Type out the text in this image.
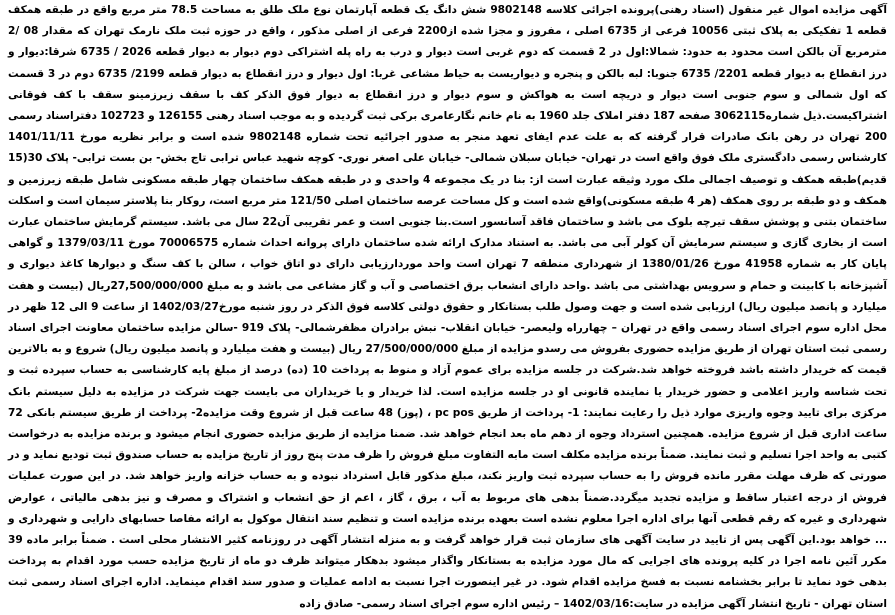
آگهی مزایده اموال غیر منقول (اسناد رهنی)پرونده اجرائی کلاسه 9802148 شش دانگ یک قطعه آپارتمان نوع ملک طلق به مساحت 78.5 متر مربع واقع در طبقه همکف قطعه 1 تفکیکی به پلاک ثبتی 10056 فرعی از 6735 اصلی ، مفروز و مجزا شده از2200 فرعی از اصلی مذکور ، واقع در حوزه ثبت ملک نارمک تهران که مقدار 08 /2 مترمربع آن بالکن است محدود به حدود: شمالا:اول در 2 قسمت که دوم غربی است دیوار و درب به راه پله اشتراکی دوم دیوار به دیوار قطعه 2026 / 6735 شرقا:دیوار و درز انقطاع به دیوار قطعه 2201/ 6735 جنوبا: لبه بالکن و پنجره و دیواریست به حیاط مشاعی غربا: اول دیوار و درز انقطاع به دیوار قطعه 2199/ 6735 دوم در 3 قسمت که اول شمالی و سوم جنوبی است دیوار و دریچه است به هواکش و سوم دیوار و درز انقطاع به دیوار فوق الذکر کف با سقف زیرزمینو سقف با کف فوقانی اشتراکیست.ذیل شماره3062115 صفحه 187 دفتر املاک جلد 1960 به نام خانم نگارعامری برکی ثبت گردیده و به موجب اسناد رهنی 126155 و 102723 دفتراسناد رسمی 200 تهران در رهن بانک صادرات قرار گرفته که به علت عدم ایفای تعهد منجر به صدور اجرائیه تحت شماره 9802148 شده است و برابر نظریه مورخ 1401/11/11 کارشناس رسمی دادگستری ملک فوق واقع است در تهران- خیابان سبلان شمالی- خیابان علی اصغر نوری- کوچه شهید عباس ترابی تاج بخش- بن بست ترابی- پلاک 30(15 قدیم)طبقه همکف و توصیف اجمالی ملک مورد وثیقه عبارت است از: بنا در یک مجموعه 4 واحدی و در طبقه همکف ساختمان چهار طبقه مسکونی شامل طبقه زیرزمین و همکف و دو طبقه بر روی همکف (هر 4 طبقه مسکونی)واقع شده است و کل مساحت عرصه ساختمان اصلی 121/50 متر مربع است، روکار بنا پلاستر سیمان است و اسکلت ساختمان بتنی و پوشش سقف تیرچه بلوک می باشد و ساختمان فاقد آسانسور است.بنا جنوبی است و عمر تقریبی آن22 سال می باشد. سیستم گرمایش ساختمان عبارت است از بخاری گازی و سیستم سرمایش آن کولر آبی می باشد. به استناد مدارک ارائه شده ساختمان دارای پروانه احداث شماره 70006575 مورخ 1379/03/11 و گواهی پایان کار به شماره 41958 مورخ 1380/01/26 از شهرداری منطقه 7 تهران است واحد موردارزیابی دارای دو اتاق خواب ، سالن با کف سنگ و دیوارها کاغذ دیواری و آشپزخانه با کابینت و حمام و سرویس بهداشتی می باشد .واحد دارای انشعاب برق اختصاصی و آب و گاز مشاعی می باشد و به مبلغ 27,500/000/000ریال (بیست و هفت میلیارد و پانصد میلیون ریال) ارزیابی شده است و جهت وصول طلب بستانکار و حقوق دولتی کلاسه فوق الذکر در روز شنبه مورخ1402/03/27 از ساعت 9 الی 12 ظهر در محل اداره سوم اجرای اسناد رسمی واقع در تهران – چهارراه ولیعصر- خیابان انقلاب- نبش برادران مظفرشمالی- پلاک 919 -سالن مزایده ساختمان معاونت اجرای اسناد رسمی ثبت استان تهران از طریق مزایده حضوری بفروش می رسدو مزایده از مبلغ 27/500/000/000 ریال (بیست و هفت میلیارد و پانصد میلیون ریال) شروع و به بالاترین قیمت که خریدار داشته باشد فروخته خواهد شد.شرکت در جلسه مزایده برای عموم آزاد و منوط به پرداخت 10 (ده) درصد از مبلغ پایه کارشناسی به حساب سپرده ثبت و تحت شناسه واریز اعلامی و حضور خریدار یا نماینده قانونی او در جلسه مزایده است. لذا خریدار و یا خریداران می بایست جهت شرکت در مزایده به دلیل سیستم بانک مرکزی برای تایید وجوه واریزی موارد ذیل را رعایت نمایند: 1- پرداخت از طریق pc pos ، (پوز) 48 ساعت قبل از شروع وقت مزایده2- پرداخت از طریق سیستم بانکی 72 ساعت اداری قبل از شروع مزایده. همچنین استرداد وجوه از دهم ماه بعد انجام خواهد شد. ضمنا مزایده از طریق مزایده حضوری انجام میشود و برنده مزایده به درخواست کتبی به واحد اجرا تسلیم و ثبت نمایند. ضمناً برنده مزایده مکلف است مابه التفاوت مبلغ فروش را ظرف مدت پنج روز از تاریخ مزایده به حساب صندوق ثبت تودیع نماید و در صورتی که ظرف مهلت مقرر مانده فروش را به حساب سپرده ثبت واریز نکند، مبلغ مذکور قابل استرداد نبوده و به حساب خزانه واریز خواهد شد. در این صورت عملیات فروش از درجه اعتبار ساقط و مزایده تجدید میگردد.ضمناً بدهی های مربوط به آب ، برق ، گاز ، اعم از حق انشعاب و اشتراک و مصرف و نیز بدهی مالیاتی ، عوارض شهرداری و غیره که رقم قطعی آنها برای اداره اجرا معلوم نشده است بعهده برنده مزایده است و تنظیم سند انتقال موکول به ارائه مفاصا حسابهای دارایی و شهرداری و ... خواهد بود.این آگهی پس از تایید در سایت آگهی های سازمان ثبت قرار خواهد گرفت و به منزله انتشار آگهی در روزنامه کثیر الانتشار محلی است . ضمناً برابر ماده 39 مکرر آئین نامه اجرا در کلیه پرونده های اجرایی که مال مورد مزایده به بستانکار واگذار میشود بدهکار میتواند ظرف دو ماه از تاریخ مزایده حسب مورد اقدام به پرداخت بدهی خود نماید تا برابر بخشنامه نسبت به فسخ مزایده اقدام شود. در غیر اینصورت اجرا نسبت به ادامه عملیات و صدور سند اقدام مینماید. اداره اجرای اسناد رسمی ثبت استان تهران - تاریخ انتشار آگهی مزایده در سایت:1402/03/16 – رئیس اداره سوم اجرای اسناد رسمی- صادق زاده
